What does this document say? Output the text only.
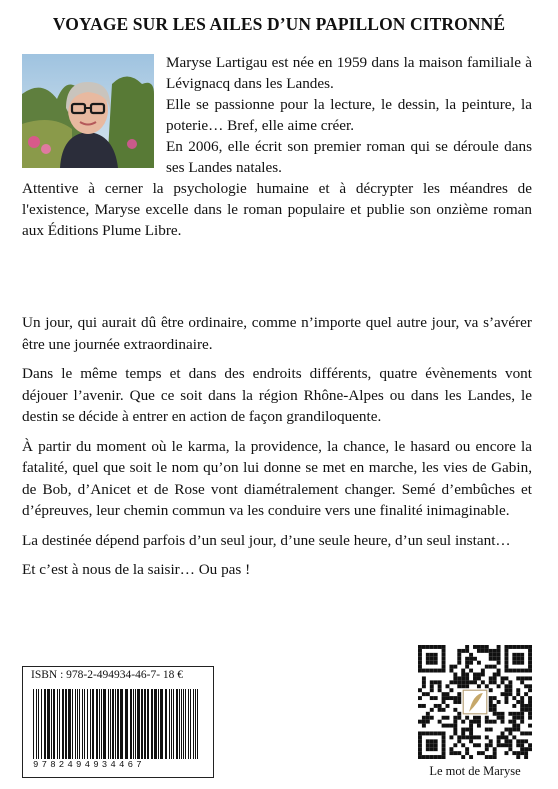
VOYAGE SUR LES AILES D’UN PAPILLON CITRONNÉ

Maryse Lartigau est née en 1959 dans la maison familiale à Lévignacq dans les Landes.

Elle se passionne pour la lecture, le dessin, la peinture, la poterie… Bref, elle aime créer.

En 2006, elle écrit son premier roman qui se déroule dans ses Landes natales.

Attentive à cerner la psychologie humaine et à décrypter les méandres de l'existence, Maryse excelle dans le roman populaire et publie son onzième roman aux Éditions Plume Libre.

Un jour, qui aurait dû être ordinaire, comme n’importe quel autre jour, va s’avérer être une journée extraordinaire.

Dans le même temps et dans des endroits différents, quatre évènements vont déjouer l’avenir. Que ce soit dans la région Rhône-Alpes ou dans les Landes, le destin se décide à entrer en action de façon grandiloquente.

À partir du moment où le karma, la providence, la chance, le hasard ou encore la fatalité, quel que soit le nom qu’on lui donne se met en marche, les vies de Gabin, de Bob, d’Anicet et de Rose vont diamétralement changer. Semé d’embûches et d’épreuves, leur chemin commun va les conduire vers une finalité inimaginable.

La destinée dépend parfois d’un seul jour, d’une seule heure, d’un seul instant…

Et c’est à nous de la saisir… Ou pas !

ISBN : 978-2-494934-46-7- 18 €
9782494934467	Le mot de Maryse
